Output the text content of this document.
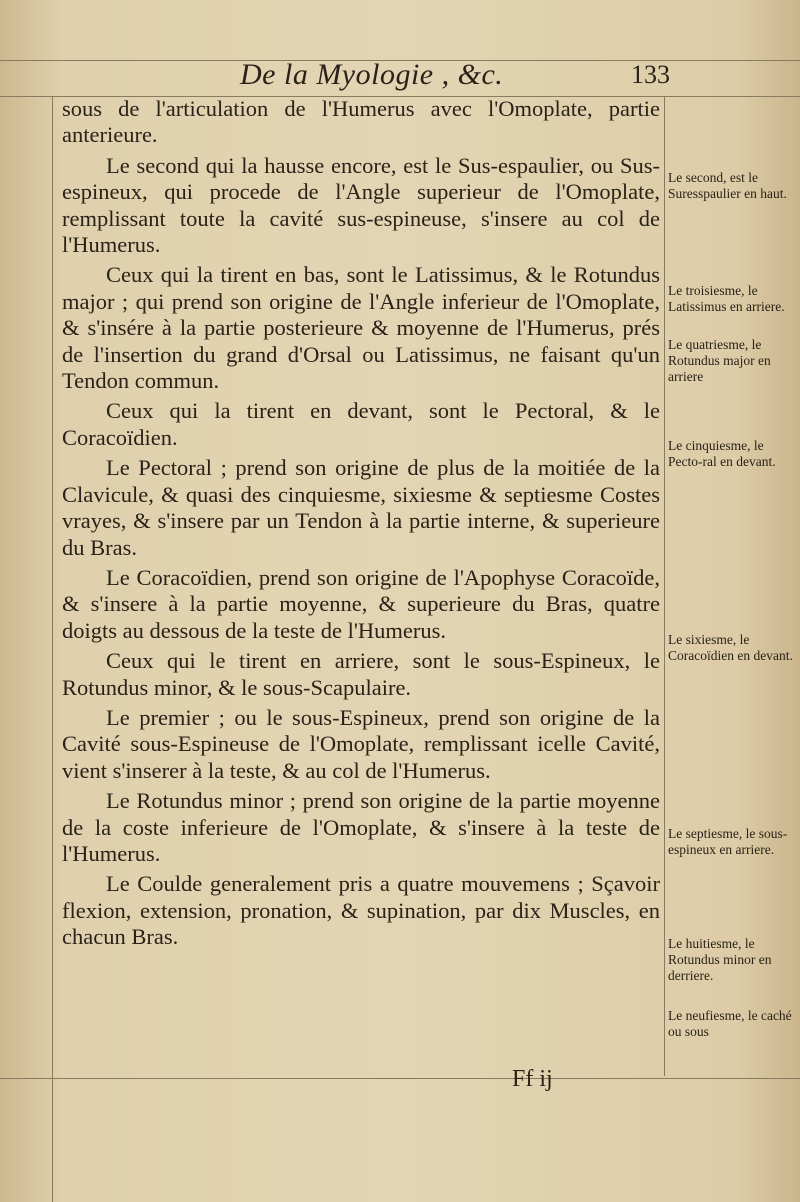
De la Myologie , &c.	133

sous de l'articulation de l'Humerus avec l'Omoplate, partie anterieure.

Le second qui la hausse encore, est le Sus-espaulier, ou Sus-espineux, qui procede de l'Angle superieur de l'Omoplate, remplissant toute la cavité sus-espineuse, s'insere au col de l'Humerus.

Ceux qui la tirent en bas, sont le Latissimus, & le Rotundus major ; qui prend son origine de l'Angle inferieur de l'Omoplate, & s'insére à la partie posterieure & moyenne de l'Humerus, prés de l'insertion du grand d'Orsal ou Latissimus, ne faisant qu'un Tendon commun.

Ceux qui la tirent en devant, sont le Pectoral, & le Coracoïdien.

Le Pectoral ; prend son origine de plus de la moitiée de la Clavicule, & quasi des cinquiesme, sixiesme & septiesme Costes vrayes, & s'insere par un Tendon à la partie interne, & superieure du Bras.

Le Coracoïdien, prend son origine de l'Apophyse Coracoïde, & s'insere à la partie moyenne, & superieure du Bras, quatre doigts au dessous de la teste de l'Humerus.

Ceux qui le tirent en arriere, sont le sous-Espineux, le Rotundus minor, & le sous-Scapulaire.

Le premier ; ou le sous-Espineux, prend son origine de la Cavité sous-Espineuse de l'Omoplate, remplissant icelle Cavité, vient s'inserer à la teste, & au col de l'Humerus.

Le Rotundus minor ; prend son origine de la partie moyenne de la coste inferieure de l'Omoplate, & s'insere à la teste de l'Humerus.

Le Coulde generalement pris a quatre mouvemens ; Sçavoir flexion, extension, pronation, & supination, par dix Muscles, en chacun Bras.

Le second, est le Suresspaulier en haut.
Le troisiesme, le Latissimus en arriere.
Le quatriesme, le Rotundus major en arriere
Le cinquiesme, le Pecto-ral en devant.
Le sixiesme, le Coracoïdien en devant.
Le septiesme, le sous-espineux en arriere.
Le huitiesme, le Rotundus minor en derriere.
Le neufiesme, le caché ou sous
Ff ij
